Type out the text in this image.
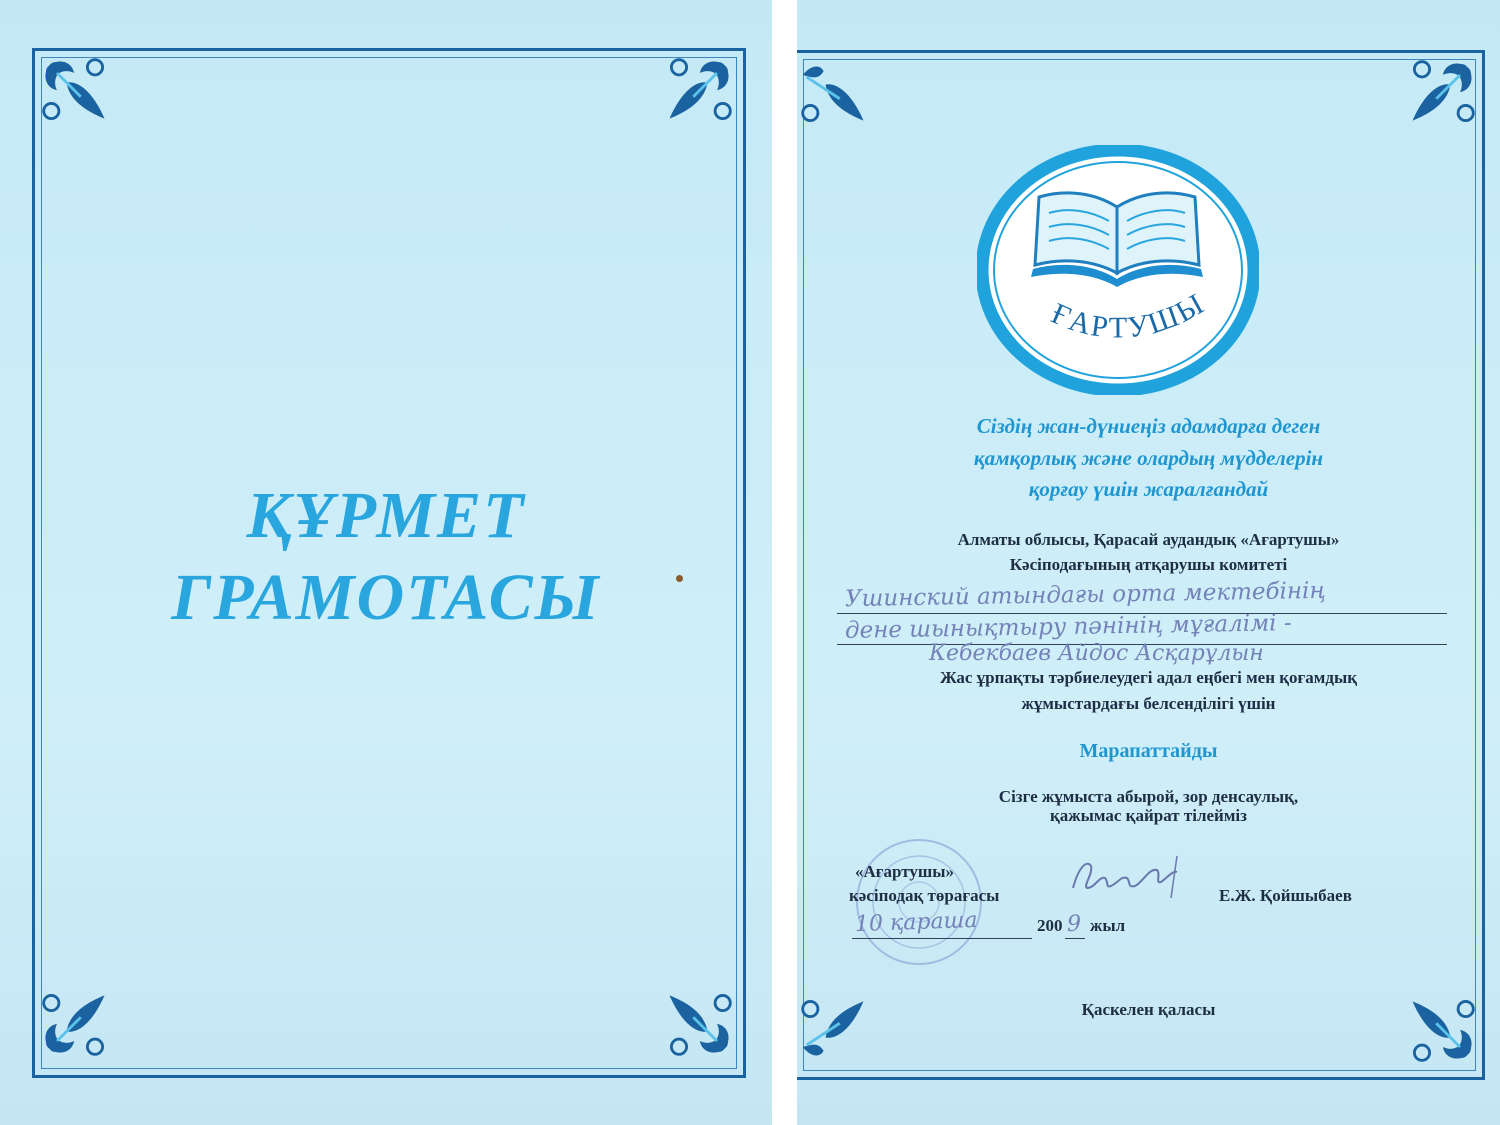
ҚҰРМЕТ
ГРАМОТАСЫ
ҒАРТУШЫ
Сіздің жан-дүниеңіз адамдарға деген
қамқорлық және олардың мүдделерін
қорғау үшін жаралғандай
Алматы облысы, Қарасай аудандық «Ағартушы»
Кәсіподағының атқарушы комитеті
Ушинский атындағы орта мектебінің
дене шынықтыру пәнінің мұғалімі -
Кебекбаев Айдос Асқарұлын
Жас ұрпақты тәрбиелеудегі адал еңбегі мен қоғамдық
жұмыстардағы белсенділігі үшін
Марапаттайды
Сізге жұмыста абырой, зор денсаулық,
қажымас қайрат тілейміз
«Ағартушы»
кәсіподақ төрағасы	Е.Ж. Қойшыбаев
10 қараша	200 9 жыл
Қаскелен қаласы
